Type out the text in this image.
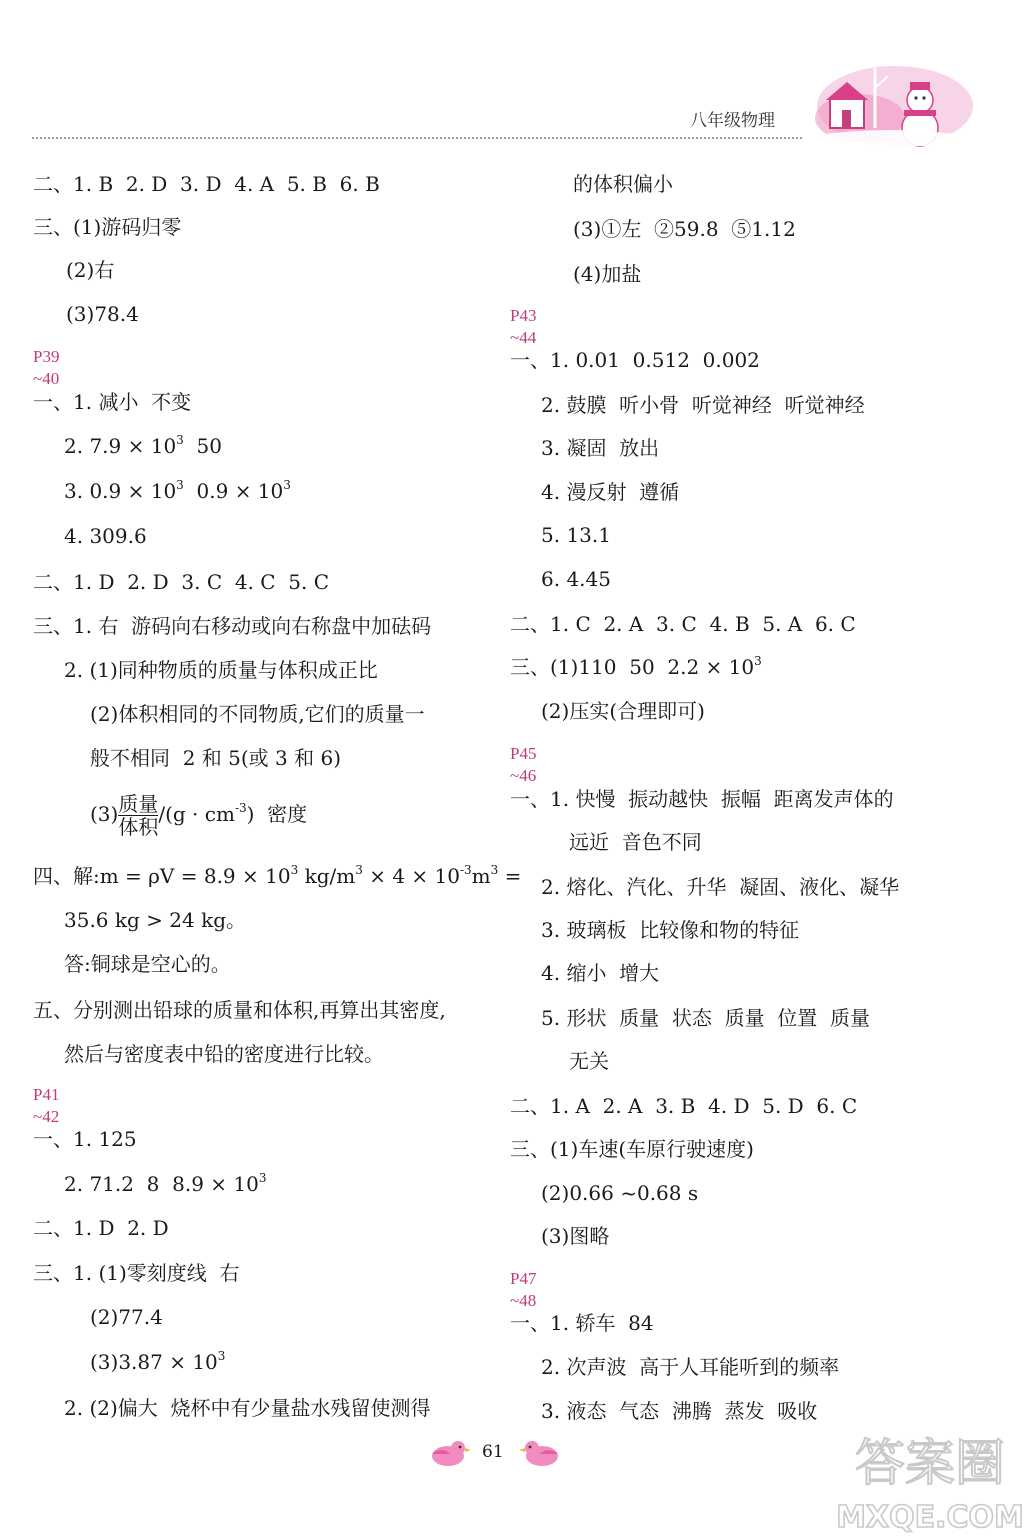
八年级物理
二、1. B  2. D  3. D  4. A  5. B  6. B
三、(1)游码归零
(2)右
(3)78.4
P39 ~40
一、1. 减小  不变
2. $7.9 \times 10^3$  50
3. $0.9 \times 10^3$  $0.9 \times 10^3$
4. 309.6
二、1. D  2. D  3. C  4. C  5. C
三、1. 右  游码向右移动或向右称盘中加砝码
2. (1)同种物质的质量与体积成正比
(2)体积相同的不同物质,它们的质量一
般不相同  2 和 5(或 3 和 6)
$(3) \frac{\text{质量}}{\text{体积}} /(g \cdot cm^{-3})$  密度
四、解:m = $\rho V = 8.9 \times 10^3$ $kg/m^3 \times 4 \times 10^{-3}m^3$ =
35.6 kg > 24 kg。
答:铜球是空心的。
五、分别测出铅球的质量和体积,再算出其密度,
然后与密度表中铅的密度进行比较。
P41 ~42
一、1. 125
2. 71.2  8  $8.9 \times 10^3$
二、1. D  2. D
三、1. (1)零刻度线  右
(2)77.4
$(3)3.87 \times 10^3$
2. (2)偏大  烧杯中有少量盐水残留使测得
的体积偏小
(3)①左  ②59.8  ⑤1.12
(4)加盐
P43 ~44
一、1. 0.01  0.512  0.002
2. 鼓膜  听小骨  听觉神经  听觉神经
3. 凝固  放出
4. 漫反射  遵循
5. 13.1
6. 4.45
二、1. C  2. A  3. C  4. B  5. A  6. C
三、(1)110  50  $2.2 \times 10^3$
(2)压实(合理即可)
P45 ~46
一、1. 快慢  振动越快  振幅  距离发声体的
远近  音色不同
2. 熔化、汽化、升华  凝固、液化、凝华
3. 玻璃板  比较像和物的特征
4. 缩小  增大
5. 形状  质量  状态  质量  位置  质量
无关
二、1. A  2. A  3. B  4. D  5. D  6. C
三、(1)车速(车原行驶速度)
(2)0.66 ~0.68 s
(3)图略
P47 ~48
一、1. 轿车  84
2. 次声波  高于人耳能听到的频率
3. 液态  气态  沸腾  蒸发  吸收
61	答案圈
MXQE.COM
